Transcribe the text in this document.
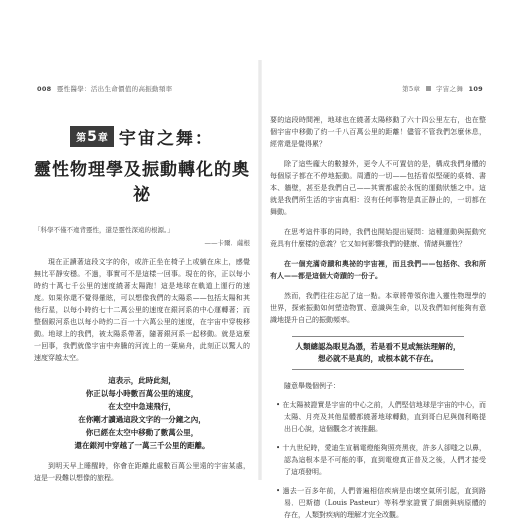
008 靈性醫學：活出生命價值的高振動頻率
第 5 章 宇宙之舞：
靈性物理學及振動轉化的奧祕
「科學不僅不違背靈性，還是靈性深遠的根源。」
——卡爾．薩根

現在正讀著這段文字的你，或許正坐在椅子上或躺在床上，感覺無比平靜安穩。不過，事實可不是這樣一回事。現在的你，正以每小時約十萬七千公里的速度繞著太陽跑！這是地球在軌道上運行的速度。如果你還不覺得暈眩，可以想像我們的太陽系——包括太陽和其他行星，以每小時約七十二萬公里的速度在銀河系的中心運轉著；而整個銀河系也以每小時約二百一十六萬公里的速度，在宇宙中穿梭移動。地球上的我們，被太陽系帶著，隨著銀河系一起移動。就是這麼一回事，我們就像宇宙中奔騰的河流上的一葉扁舟，此刻正以驚人的速度穿越太空。

這表示，此時此刻，
你正以每小時數百萬公里的速度，
在太空中急速飛行，
在你剛才讀過這段文字的一分鐘之內，
你已經在太空中移動了數萬公里，
還在銀河中穿越了一萬三千公里的距離。

到明天早上睡醒時，你會在距離此處數百萬公里遠的宇宙某處，這是一段難以想像的旅程。

第5章 宇宙之舞 109

要的這段時間裡，地球也在繞著太陽移動了六十四公里左右，也在整個宇宙中移動了約一千八百萬公里的距離！儘管不管我們怎麼休息，經常還是覺得累？

除了這些龐大的數據外，更令人不可置信的是，構成我們身體的每個原子都在不停地振動。周遭的一切——包括看似堅硬的桌椅、書本、牆壁，甚至是我們自己——其實都處於永恆的運動狀態之中。這就是我們所生活的宇宙真相：沒有任何事物是真正靜止的，一切都在舞動。

在思考這件事的同時，我們也開始提出疑問：這種運動與振動究竟具有什麼樣的意義？它又如何影響我們的健康、情緒與靈性？

在一個充滿奇蹟和奧祕的宇宙裡，而且我們——包括你、我和所有人——都是這個大奇蹟的一份子。

然而，我們往往忘記了這一點。本章將帶領你進入靈性物理學的世界，探索振動如何塑造物質、意識與生命，以及我們如何能夠有意識地提升自己的振動頻率。

人類總認為眼見為憑，若是看不見或無法理解的，
想必就不是真的，或根本就不存在。

隨意舉幾個例子：

• 在太陽被證實是宇宙的中心之前，人們堅信地球是宇宙的中心，而太陽、月亮及其他星體都繞著地球轉動，直到哥白尼與伽利略提出日心說，這個觀念才被推翻。

• 十九世紀時，愛迪生宣稱電燈能夠照亮黑夜，許多人卻嗤之以鼻，認為這根本是不可能的事，直到電燈真正普及之後，人們才接受了這項發明。

• 過去一百多年前，人們普遍相信疾病是由壞空氣所引起，直到路易．巴斯德（Louis Pasteur）等科學家證實了細菌與病原體的存在，人類對疾病的理解才完全改觀。
